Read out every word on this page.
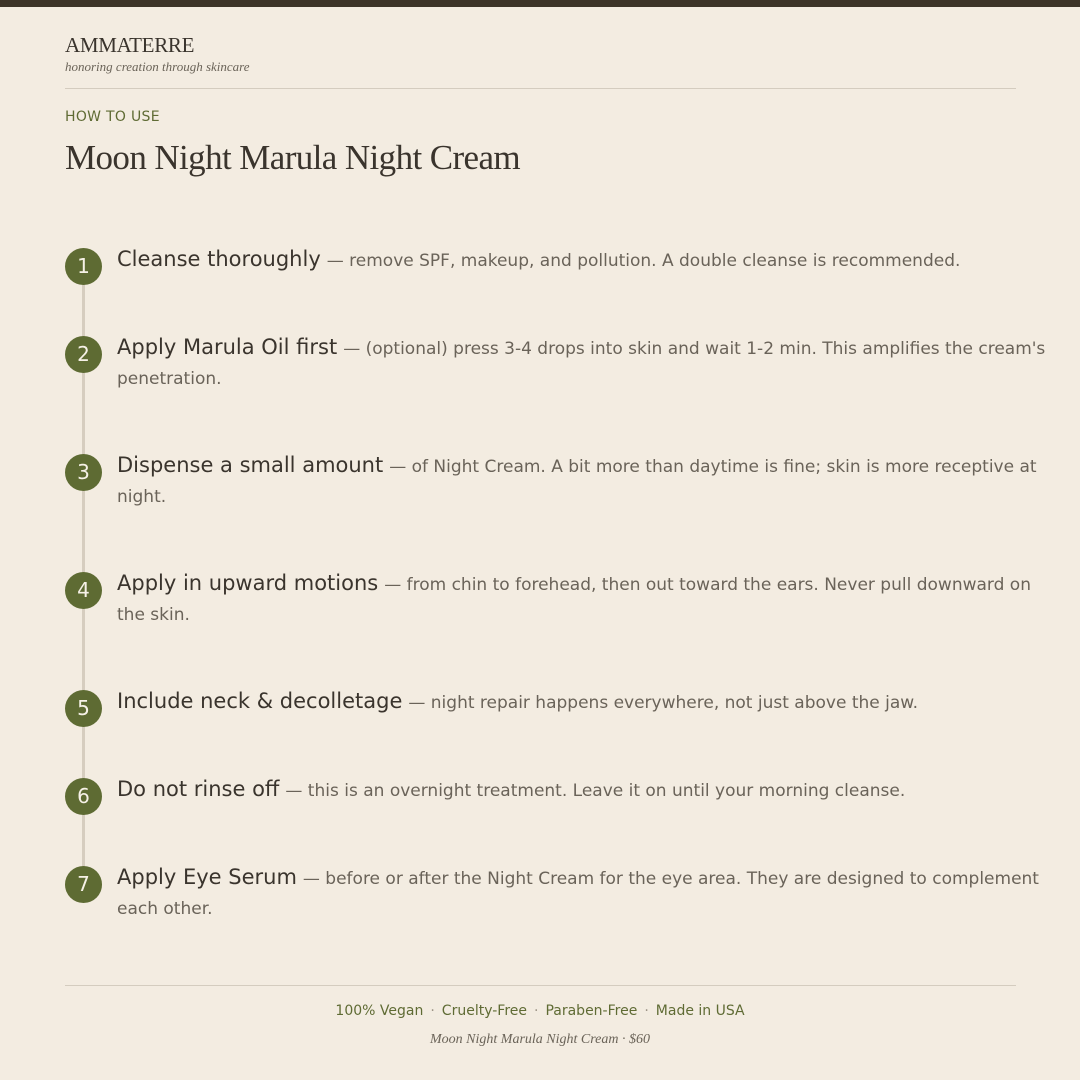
AMMATERRE
honoring creation through skincare
HOW TO USE
Moon Night Marula Night Cream
1	Cleanse thoroughly — remove SPF, makeup, and pollution. A double cleanse is recommended.
2	Apply Marula Oil first — (optional) press 3-4 drops into skin and wait 1-2 min. This amplifies the cream's penetration.
3	Dispense a small amount — of Night Cream. A bit more than daytime is fine; skin is more receptive at night.
4	Apply in upward motions — from chin to forehead, then out toward the ears. Never pull downward on the skin.
5	Include neck & decolletage — night repair happens everywhere, not just above the jaw.
6	Do not rinse off — this is an overnight treatment. Leave it on until your morning cleanse.
7	Apply Eye Serum — before or after the Night Cream for the eye area. They are designed to complement each other.
100% Vegan · Cruelty-Free · Paraben-Free · Made in USA
Moon Night Marula Night Cream · $60
